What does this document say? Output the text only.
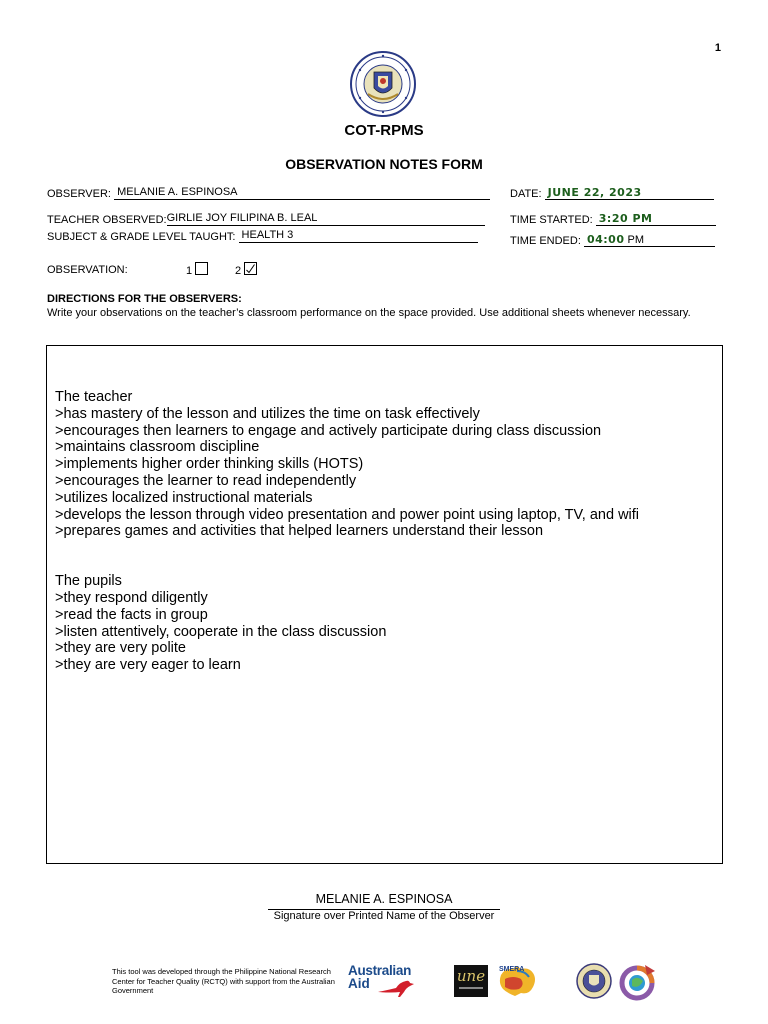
1
COT-RPMS
OBSERVATION NOTES FORM
OBSERVER: MELANIE A. ESPINOSA	DATE: JUNE 22, 2023
TEACHER OBSERVED:GIRLIE JOY FILIPINA B. LEAL	TIME STARTED: 3:20 PM
SUBJECT & GRADE LEVEL TAUGHT: HEALTH 3	TIME ENDED: 04:00 PM
OBSERVATION:	1	2
DIRECTIONS FOR THE OBSERVERS:
Write your observations on the teacher’s classroom performance on the space provided. Use additional sheets whenever necessary.
The teacher
>has mastery of the lesson and utilizes the time on task effectively
>encourages then learners to engage and actively participate during class discussion
>maintains classroom discipline
>implements higher order thinking skills (HOTS)
>encourages the learner to read independently
>utilizes localized instructional materials
>develops the lesson through video presentation and power point using laptop, TV, and wifi
>prepares games and activities that helped learners understand their lesson
The pupils
>they respond diligently
>read the facts in group
>listen attentively, cooperate in the class discussion
>they are very polite
>they are very eager to learn
MELANIE A. ESPINOSA
Signature over Printed Name of the Observer
This tool was developed through the Philippine National Research Center for Teacher Quality (RCTQ) with support from the Australian Government
Australian
Aid	une	SMERA
